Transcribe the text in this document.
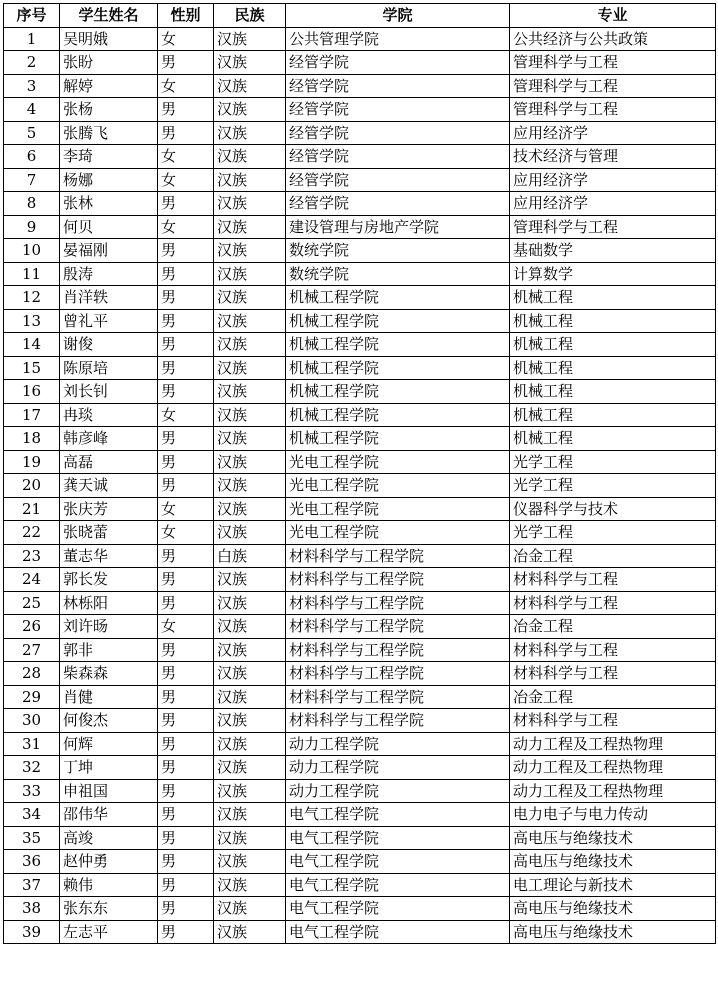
序号	学生姓名	性别	民族	学院	专业
1	吴明娥	女	汉族	公共管理学院	公共经济与公共政策
2	张盼	男	汉族	经管学院	管理科学与工程
3	解婷	女	汉族	经管学院	管理科学与工程
4	张杨	男	汉族	经管学院	管理科学与工程
5	张腾飞	男	汉族	经管学院	应用经济学
6	李琦	女	汉族	经管学院	技术经济与管理
7	杨娜	女	汉族	经管学院	应用经济学
8	张林	男	汉族	经管学院	应用经济学
9	何贝	女	汉族	建设管理与房地产学院	管理科学与工程
10	晏福刚	男	汉族	数统学院	基础数学
11	殷涛	男	汉族	数统学院	计算数学
12	肖洋轶	男	汉族	机械工程学院	机械工程
13	曾礼平	男	汉族	机械工程学院	机械工程
14	谢俊	男	汉族	机械工程学院	机械工程
15	陈原培	男	汉族	机械工程学院	机械工程
16	刘长钊	男	汉族	机械工程学院	机械工程
17	冉琰	女	汉族	机械工程学院	机械工程
18	韩彦峰	男	汉族	机械工程学院	机械工程
19	高磊	男	汉族	光电工程学院	光学工程
20	龚天诚	男	汉族	光电工程学院	光学工程
21	张庆芳	女	汉族	光电工程学院	仪器科学与技术
22	张晓蕾	女	汉族	光电工程学院	光学工程
23	董志华	男	白族	材料科学与工程学院	冶金工程
24	郭长发	男	汉族	材料科学与工程学院	材料科学与工程
25	林栎阳	男	汉族	材料科学与工程学院	材料科学与工程
26	刘许旸	女	汉族	材料科学与工程学院	冶金工程
27	郭非	男	汉族	材料科学与工程学院	材料科学与工程
28	柴森森	男	汉族	材料科学与工程学院	材料科学与工程
29	肖健	男	汉族	材料科学与工程学院	冶金工程
30	何俊杰	男	汉族	材料科学与工程学院	材料科学与工程
31	何辉	男	汉族	动力工程学院	动力工程及工程热物理
32	丁坤	男	汉族	动力工程学院	动力工程及工程热物理
33	申祖国	男	汉族	动力工程学院	动力工程及工程热物理
34	邵伟华	男	汉族	电气工程学院	电力电子与电力传动
35	高竣	男	汉族	电气工程学院	高电压与绝缘技术
36	赵仲勇	男	汉族	电气工程学院	高电压与绝缘技术
37	赖伟	男	汉族	电气工程学院	电工理论与新技术
38	张东东	男	汉族	电气工程学院	高电压与绝缘技术
39	左志平	男	汉族	电气工程学院	高电压与绝缘技术
